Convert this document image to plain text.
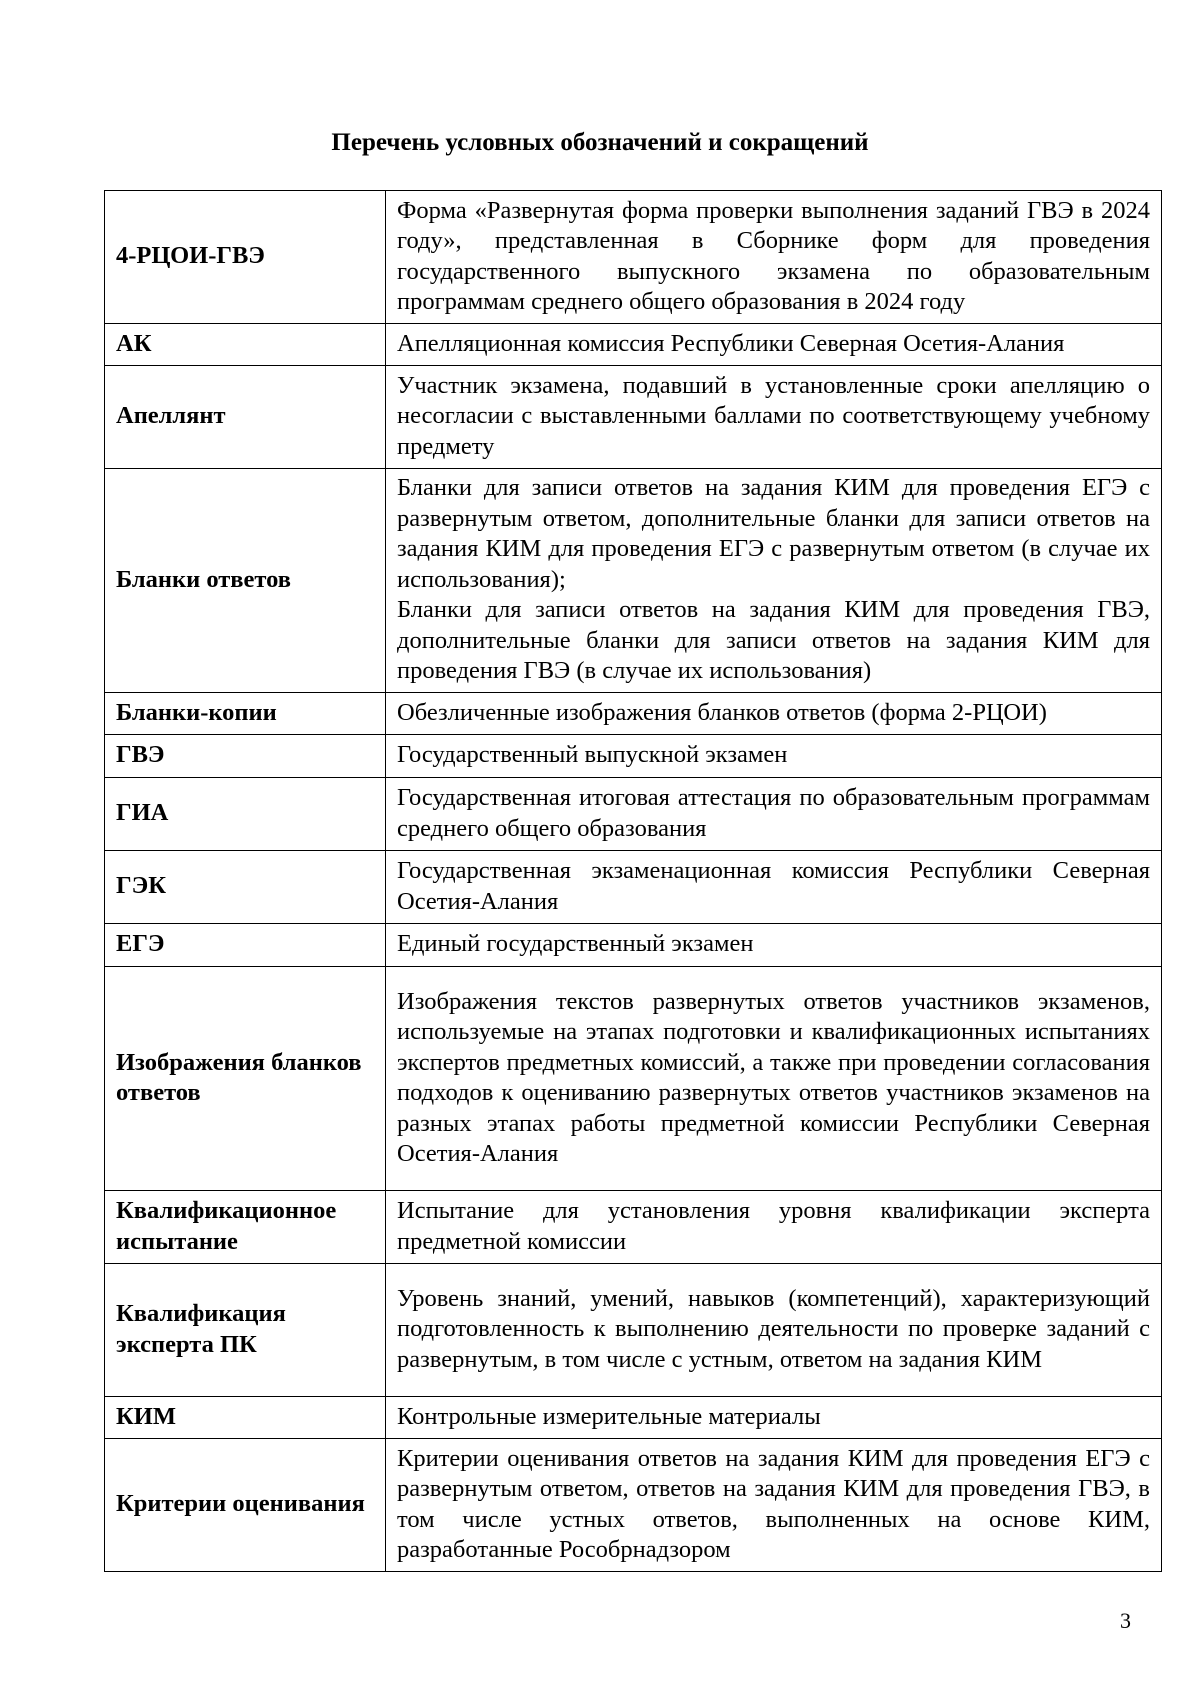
Перечень условных обозначений и сокращений
4-РЦОИ-ГВЭ	Форма «Развернутая форма проверки выполнения заданий ГВЭ в 2024 году», представленная в Сборнике форм для проведения государственного выпускного экзамена по образовательным программам среднего общего образования в 2024 году
АК	Апелляционная комиссия Республики Северная Осетия-Алания
Апеллянт	Участник экзамена, подавший в установленные сроки апелляцию о несогласии с выставленными баллами по соответствующему учебному предмету
Бланки ответов	Бланки для записи ответов на задания КИМ для проведения ЕГЭ с развернутым ответом, дополнительные бланки для записи ответов на задания КИМ для проведения ЕГЭ с развернутым ответом (в случае их использования);
Бланки для записи ответов на задания КИМ для проведения ГВЭ, дополнительные бланки для записи ответов на задания КИМ для проведения ГВЭ (в случае их использования)

Бланки-копии	Обезличенные изображения бланков ответов (форма 2-РЦОИ)
ГВЭ	Государственный выпускной экзамен
ГИА	Государственная итоговая аттестация по образовательным программам среднего общего образования
ГЭК	Государственная экзаменационная комиссия Республики Северная Осетия-Алания
ЕГЭ	Единый государственный экзамен
Изображения бланков ответов	Изображения текстов развернутых ответов участников экзаменов, используемые на этапах подготовки и квалификационных испытаниях экспертов предметных комиссий, а также при проведении согласования подходов к оцениванию развернутых ответов участников экзаменов на разных этапах работы предметной комиссии Республики Северная Осетия-Алания
Квалификационное испытание	Испытание для установления уровня квалификации эксперта предметной комиссии
Квалификация эксперта ПК	Уровень знаний, умений, навыков (компетенций), характеризующий подготовленность к выполнению деятельности по проверке заданий с развернутым, в том числе с устным, ответом на задания КИМ
КИМ	Контрольные измерительные материалы
Критерии оценивания	Критерии оценивания ответов на задания КИМ для проведения ЕГЭ с развернутым ответом, ответов на задания КИМ для проведения ГВЭ, в том числе устных ответов, выполненных на основе КИМ, разработанные Рособрнадзором
3
